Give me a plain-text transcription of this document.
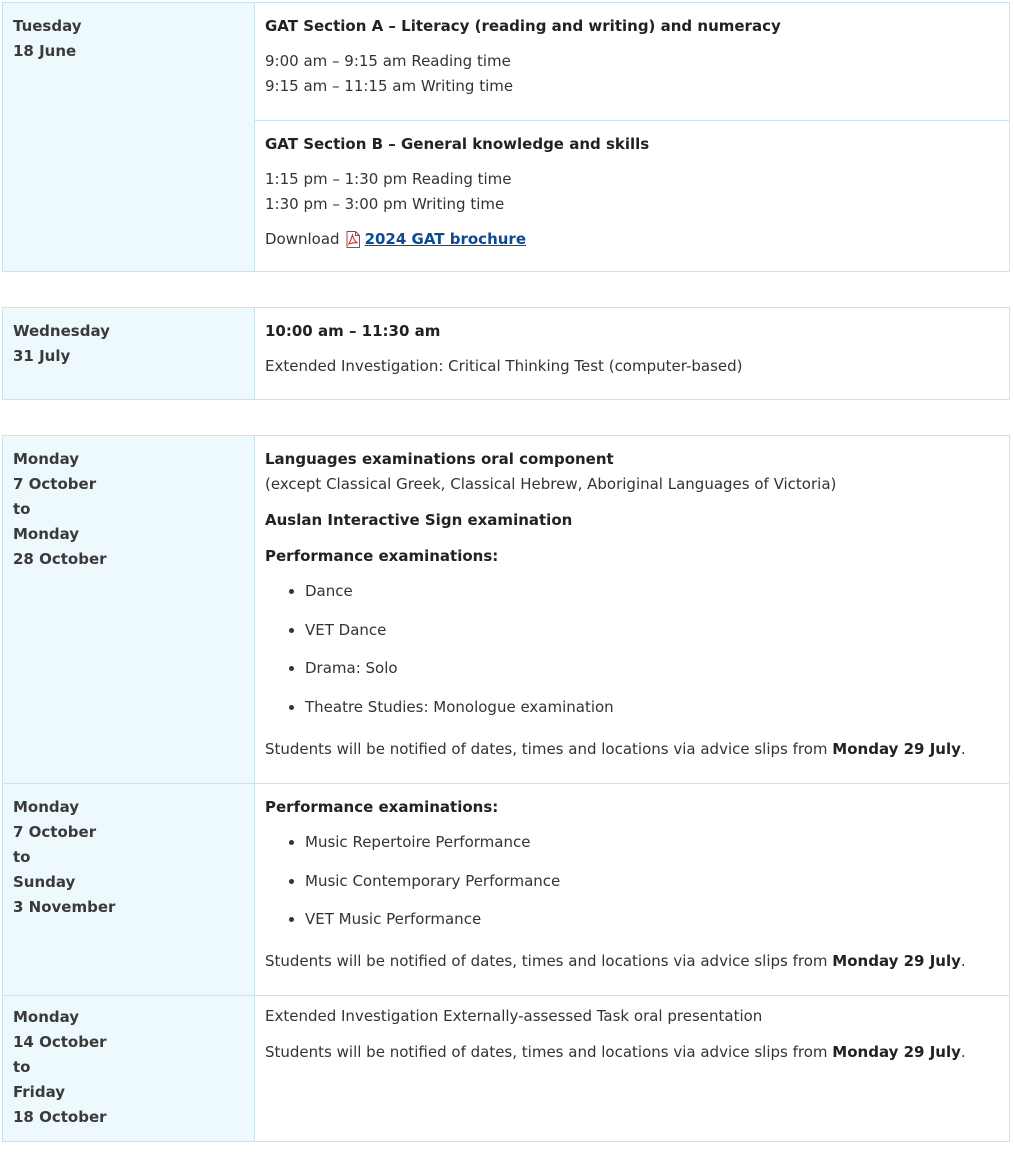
Tuesday
18 June
GAT Section A – Literacy (reading and writing) and numeracy
9:00 am – 9:15 am Reading time
9:15 am – 11:15 am Writing time
GAT Section B – General knowledge and skills
1:15 pm – 1:30 pm Reading time
1:30 pm – 3:00 pm Writing time
Download 2024 GAT brochure
Wednesday
31 July
10:00 am – 11:30 am
Extended Investigation: Critical Thinking Test (computer-based)
Monday
7 October
to
Monday
28 October
Languages examinations oral component
(except Classical Greek, Classical Hebrew, Aboriginal Languages of Victoria)
Auslan Interactive Sign examination
Performance examinations:
• Dance
• VET Dance
• Drama: Solo
• Theatre Studies: Monologue examination
Students will be notified of dates, times and locations via advice slips from Monday 29 July.
Monday
7 October
to
Sunday
3 November
Performance examinations:
• Music Repertoire Performance
• Music Contemporary Performance
• VET Music Performance
Students will be notified of dates, times and locations via advice slips from Monday 29 July.
Monday
14 October
to
Friday
18 October
Extended Investigation Externally-assessed Task oral presentation
Students will be notified of dates, times and locations via advice slips from Monday 29 July.
